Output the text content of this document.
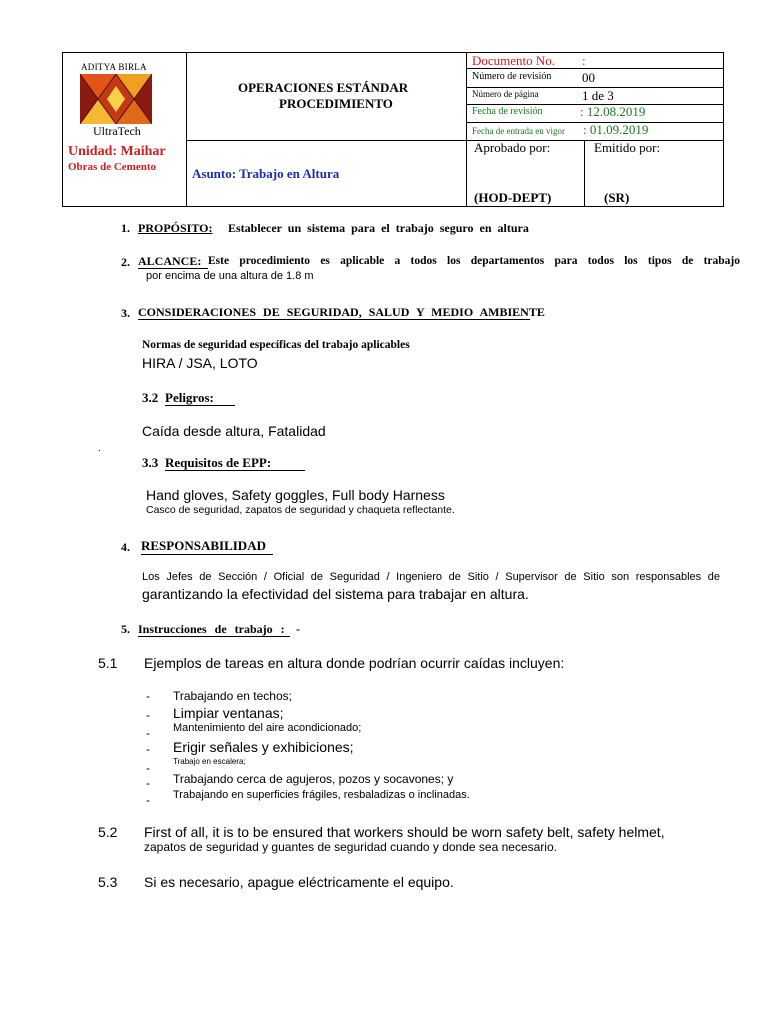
ADITYA BIRLA
UltraTech
Unidad: Maihar
Obras de Cemento
OPERACIONES ESTÁNDAR
PROCEDIMIENTO
Asunto: Trabajo en Altura
Documento No. :
Número de revisión 00
Número de página	1 de 3
Fecha de revisión	: 12.08.2019
Fecha de entrada en vigor : 01.09.2019
Aprobado por:
(HOD-DEPT)
Emitido por:
(SR)
1. PROPÓSITO: Establecer un sistema para el trabajo seguro en altura
2. ALCANCE: Este procedimiento es aplicable a todos los departamentos para todos los tipos de trabajo
por encima de una altura de 1.8 m
3. CONSIDERACIONES DE SEGURIDAD, SALUD Y MEDIO AMBIENTE
Normas de seguridad específicas del trabajo aplicables
HIRA / JSA, LOTO
3.2 Peligros:
Caída desde altura, Fatalidad
.
3.3 Requisitos de EPP:
Hand gloves, Safety goggles, Full body Harness
Casco de seguridad, zapatos de seguridad y chaqueta reflectante.
4. RESPONSABILIDAD
Los Jefes de Sección / Oficial de Seguridad / Ingeniero de Sitio / Supervisor de Sitio son responsables de
garantizando la efectividad del sistema para trabajar en altura.
5. Instrucciones de trabajo : -
5.1 Ejemplos de tareas en altura donde podrían ocurrir caídas incluyen:
- Trabajando en techos;
- Limpiar ventanas;
- Mantenimiento del aire acondicionado;
- Erigir señales y exhibiciones;
-	Trabajo en escalera;
- Trabajando cerca de agujeros, pozos y socavones; y
- Trabajando en superficies frágiles, resbaladizas o inclinadas.
5.2 First of all, it is to be ensured that workers should be worn safety belt, safety helmet,
zapatos de seguridad y guantes de seguridad cuando y donde sea necesario.
5.3 Si es necesario, apague eléctricamente el equipo.
